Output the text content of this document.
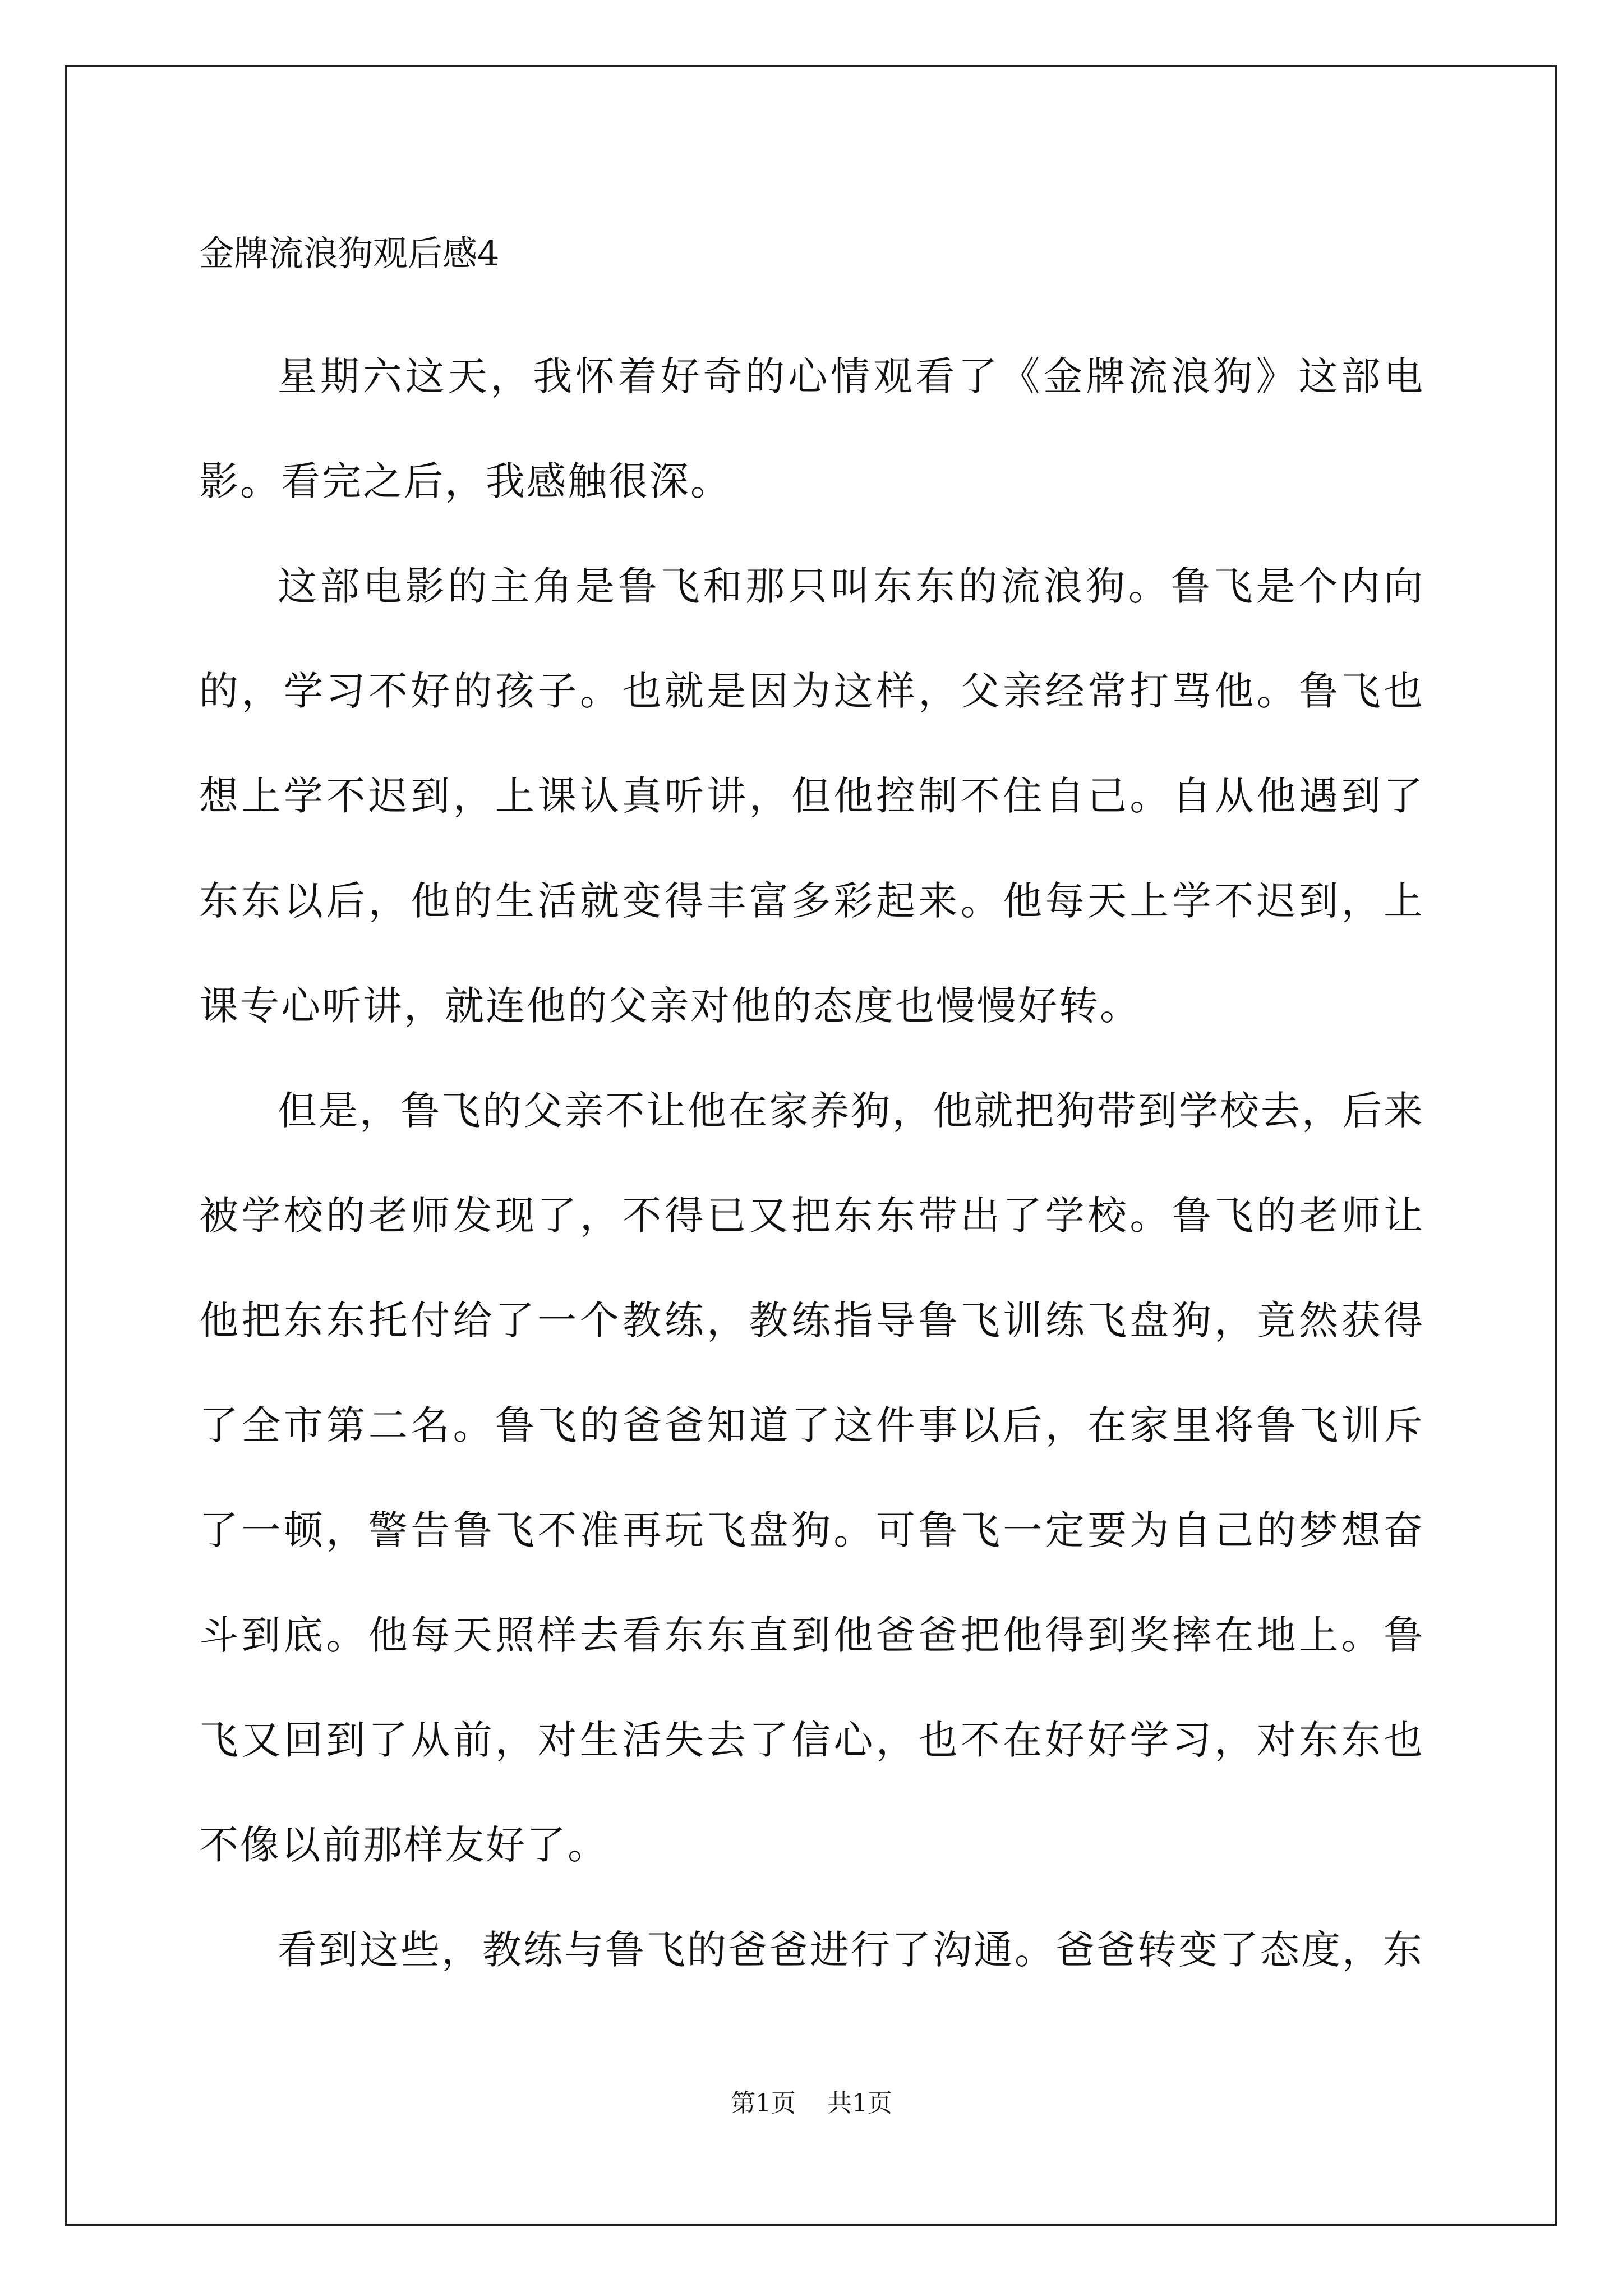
金牌流浪狗观后感4

星期六这天，我怀着好奇的心情观看了《金牌流浪狗》这部电影。看完之后，我感触很深。

这部电影的主角是鲁飞和那只叫东东的流浪狗。鲁飞是个内向的，学习不好的孩子。也就是因为这样，父亲经常打骂他。鲁飞也想上学不迟到，上课认真听讲，但他控制不住自己。自从他遇到了东东以后，他的生活就变得丰富多彩起来。他每天上学不迟到，上课专心听讲，就连他的父亲对他的态度也慢慢好转。

但是，鲁飞的父亲不让他在家养狗，他就把狗带到学校去，后来被学校的老师发现了，不得已又把东东带出了学校。鲁飞的老师让他把东东托付给了一个教练，教练指导鲁飞训练飞盘狗，竟然获得了全市第二名。鲁飞的爸爸知道了这件事以后，在家里将鲁飞训斥了一顿，警告鲁飞不准再玩飞盘狗。可鲁飞一定要为自己的梦想奋斗到底。他每天照样去看东东直到他爸爸把他得到奖摔在地上。鲁飞又回到了从前，对生活失去了信心，也不在好好学习，对东东也不像以前那样友好了。

看到这些，教练与鲁飞的爸爸进行了沟通。爸爸转变了态度，东

第1页    共1页
